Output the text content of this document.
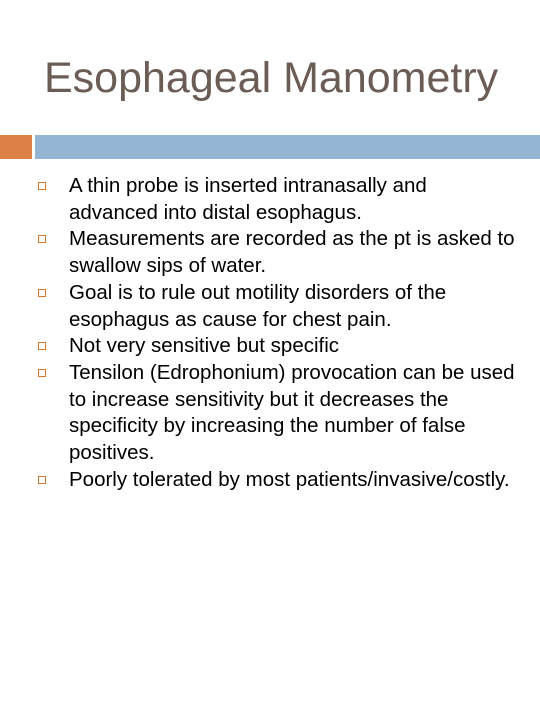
Esophageal Manometry
A thin probe is inserted intranasally and advanced into distal esophagus.
Measurements are recorded as the pt is asked to swallow sips of water.
Goal is to rule out motility disorders of the esophagus as cause for chest pain.
Not very sensitive but specific
Tensilon (Edrophonium) provocation can be used to increase sensitivity but it decreases the specificity by increasing the number of false positives.
Poorly tolerated by most patients/invasive/costly.
